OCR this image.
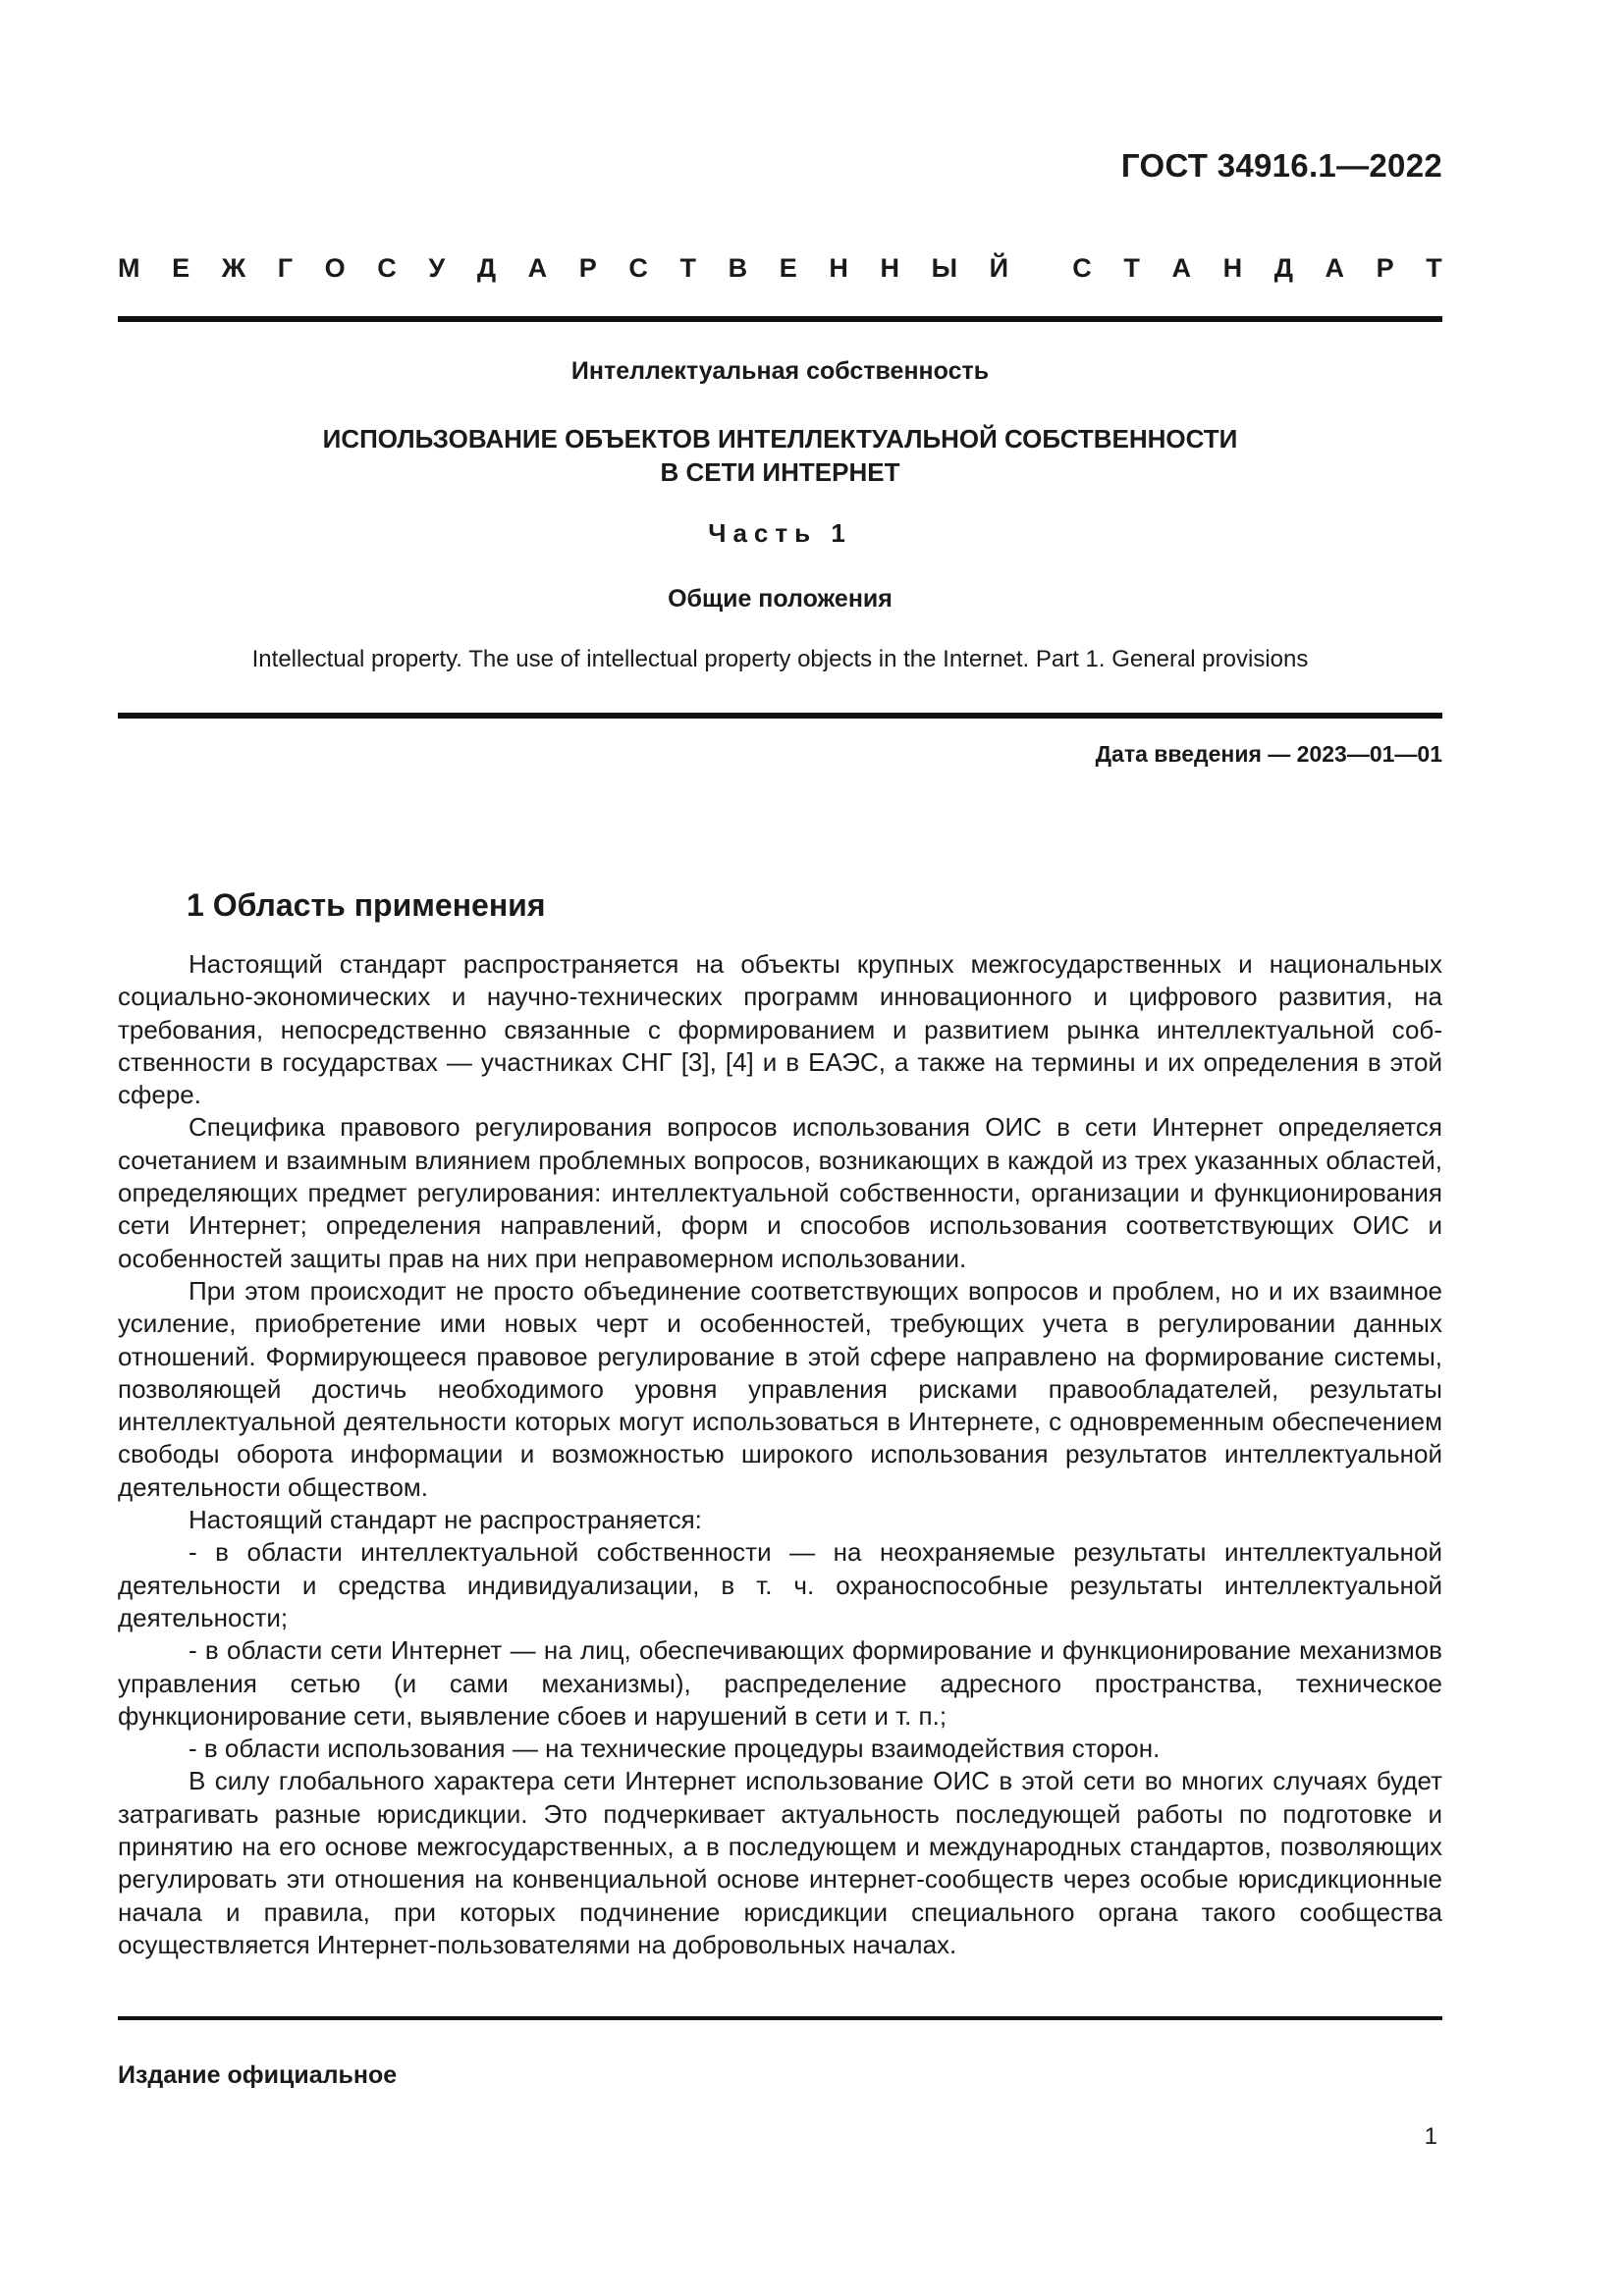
ГОСТ 34916.1—2022
М Е Ж Г О С У Д А Р С Т В Е Н Н Ы Й С Т А Н Д А Р Т
Интеллектуальная собственность
ИСПОЛЬЗОВАНИЕ ОБЪЕКТОВ ИНТЕЛЛЕКТУАЛЬНОЙ СОБСТВЕННОСТИ
В СЕТИ ИНТЕРНЕТ
Часть 1
Общие положения
Intellectual property. The use of intellectual property objects in the Internet. Part 1. General provisions
Дата введения — 2023—01—01
1 Область применения

Настоящий стандарт распространяется на объекты крупных межгосударственных и национальных социально-экономических и научно-технических программ инновационного и цифрового развития, на требования, непосредственно связанные с формированием и развитием рынка интеллектуальной собственности в государствах — участниках СНГ [3], [4] и в ЕАЭС, а также на термины и их определения в этой сфере.

Специфика правового регулирования вопросов использования ОИС в сети Интернет определяется сочетанием и взаимным влиянием проблемных вопросов, возникающих в каждой из трех указанных областей, определяющих предмет регулирования: интеллектуальной собственности, организации и функционирования сети Интернет; определения направлений, форм и способов использования соответствующих ОИС и особенностей защиты прав на них при неправомерном использовании.

При этом происходит не просто объединение соответствующих вопросов и проблем, но и их взаимное усиление, приобретение ими новых черт и особенностей, требующих учета в регулировании данных отношений. Формирующееся правовое регулирование в этой сфере направлено на формирование системы, позволяющей достичь необходимого уровня управления рисками правообладателей, результаты интеллектуальной деятельности которых могут использоваться в Интернете, с одновременным обеспечением свободы оборота информации и возможностью широкого использования результатов интеллектуальной деятельности обществом.

Настоящий стандарт не распространяется:

- в области интеллектуальной собственности — на неохраняемые результаты интеллектуальной деятельности и средства индивидуализации, в т. ч. охраноспособные результаты интеллектуальной деятельности;

- в области сети Интернет — на лиц, обеспечивающих формирование и функционирование механизмов управления сетью (и сами механизмы), распределение адресного пространства, техническое функционирование сети, выявление сбоев и нарушений в сети и т. п.;

- в области использования — на технические процедуры взаимодействия сторон.

В силу глобального характера сети Интернет использование ОИС в этой сети во многих случаях будет затрагивать разные юрисдикции. Это подчеркивает актуальность последующей работы по подготовке и принятию на его основе межгосударственных, а в последующем и международных стандартов, позволяющих регулировать эти отношения на конвенциальной основе интернет-сообществ через особые юрисдикционные начала и правила, при которых подчинение юрисдикции специального органа такого сообщества осуществляется Интернет-пользователями на добровольных началах.

Издание официальное
1
